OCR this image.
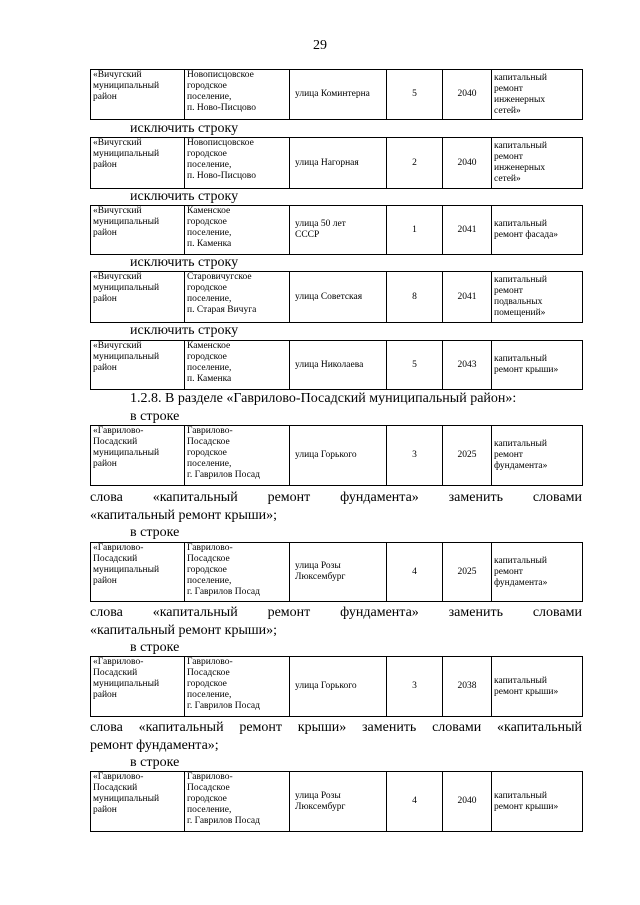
29
«Вичугский
муниципальный
район	Новописцовское
городское
поселение,
п. Ново-Писцово	улица Коминтерна	5	2040	капитальный
ремонт
инженерных
сетей»
исключить строку
«Вичугский
муниципальный
район	Новописцовское
городское
поселение,
п. Ново-Писцово	улица Нагорная	2	2040	капитальный
ремонт
инженерных
сетей»
исключить строку
«Вичугский
муниципальный
район	Каменское
городское
поселение,
п. Каменка	улица 50 лет
СССР	1	2041	капитальный
ремонт фасада»
исключить строку
«Вичугский
муниципальный
район	Старовичугское
городское
поселение,
п. Старая Вичуга	улица Советская	8	2041	капитальный
ремонт
подвальных
помещений»
исключить строку
«Вичугский
муниципальный
район	Каменское
городское
поселение,
п. Каменка	улица Николаева	5	2043	капитальный
ремонт крыши»
1.2.8. В разделе «Гаврилово-Посадский муниципальный район»:
в строке
«Гаврилово-
Посадский
муниципальный
район	Гаврилово-
Посадское
городское
поселение,
г. Гаврилов Посад	улица Горького	3	2025	капитальный
ремонт
фундамента»
слова «капитальный ремонт фундамента» заменить словами
«капитальный ремонт крыши»;
в строке
«Гаврилово-
Посадский
муниципальный
район	Гаврилово-
Посадское
городское
поселение,
г. Гаврилов Посад	улица Розы
Люксембург	4	2025	капитальный
ремонт
фундамента»
слова «капитальный ремонт фундамента» заменить словами
«капитальный ремонт крыши»;
в строке
«Гаврилово-
Посадский
муниципальный
район	Гаврилово-
Посадское
городское
поселение,
г. Гаврилов Посад	улица Горького	3	2038	капитальный
ремонт крыши»
слова «капитальный ремонт крыши» заменить словами «капитальный
ремонт фундамента»;
в строке
«Гаврилово-
Посадский
муниципальный
район	Гаврилово-
Посадское
городское
поселение,
г. Гаврилов Посад	улица Розы
Люксембург	4	2040	капитальный
ремонт крыши»
